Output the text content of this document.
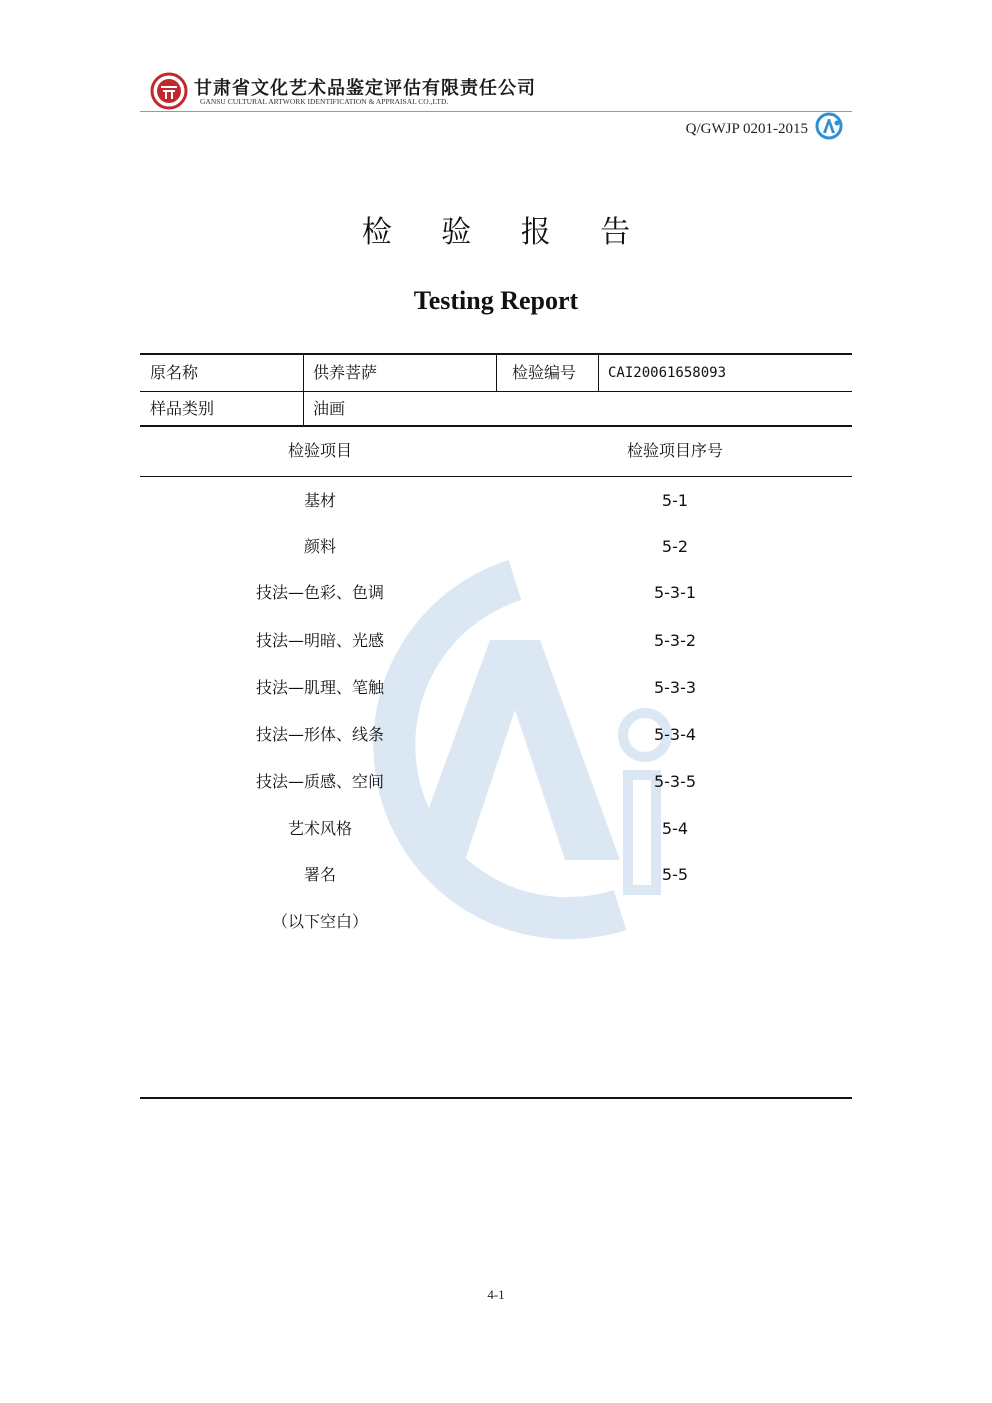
甘肃省文化艺术品鉴定评估有限责任公司
GANSU CULTURAL ARTWORK IDENTIFICATION & APPRAISAL CO.,LTD.
Q/GWJP 0201-2015
检 验 报 告
Testing Report
原名称	供养菩萨	检验编号 CAI20061658093
样品类别	油画
检验项目	检验项目序号
基材	5-1
颜料	5-2
技法—色彩、色调	5-3-1
技法—明暗、光感	5-3-2
技法—肌理、笔触	5-3-3
技法—形体、线条	5-3-4
技法—质感、空间	5-3-5
艺术风格	5-4
署名	5-5
（以下空白）
4-1
